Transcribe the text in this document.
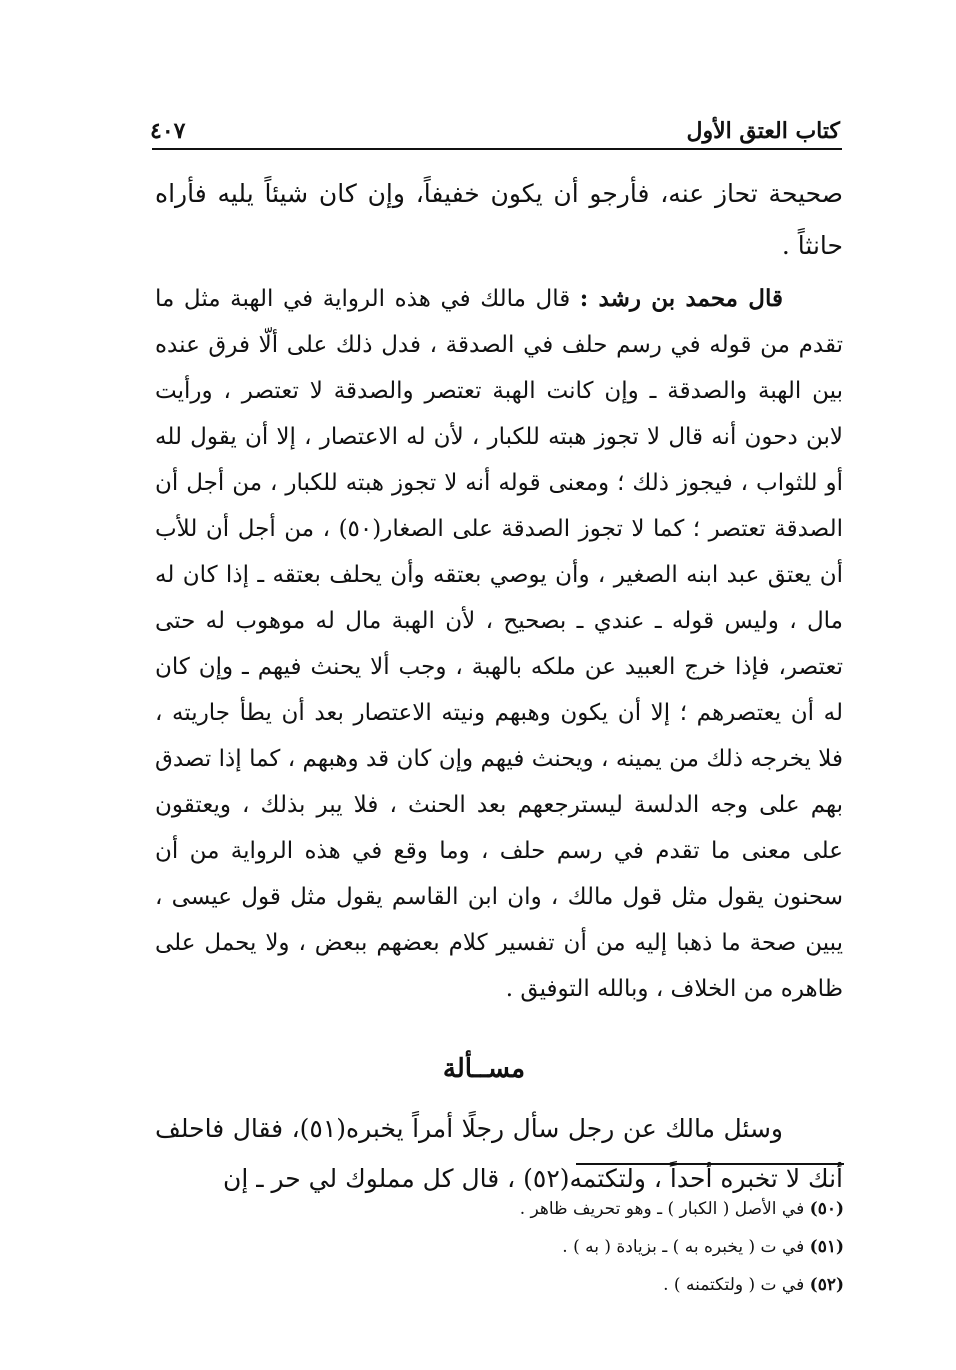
٤٠٧	كتاب العتق الأول

صحيحة تحاز عنه، فأرجو أن يكون خفيفاً، وإن كان شيئاً يليه فأراه حانثاً .

قال محمد بن رشد : قال مالك في هذه الرواية في الهبة مثل ما تقدم من قوله في رسم حلف في الصدقة ، فدل ذلك على ألّا فرق عنده بين الهبة والصدقة ـ وإن كانت الهبة تعتصر والصدقة لا تعتصر ، ورأيت لابن دحون أنه قال لا تجوز هبته للكبار ، لأن له الاعتصار ، إلا أن يقول لله أو للثواب ، فيجوز ذلك ؛ ومعنى قوله أنه لا تجوز هبته للكبار ، من أجل أن الصدقة تعتصر ؛ كما لا تجوز الصدقة على الصغار(٥٠) ، من أجل أن للأب أن يعتق عبد ابنه الصغير ، وأن يوصي بعتقه وأن يحلف بعتقه ـ إذا كان له مال ، وليس قوله ـ عندي ـ بصحيح ، لأن الهبة مال له موهوب له حتى تعتصر، فإذا خرج العبيد عن ملكه بالهبة ، وجب ألا يحنث فيهم ـ وإن كان له أن يعتصرهم ؛ إلا أن يكون وهبهم ونيته الاعتصار بعد أن يطأ جاريته ، فلا يخرجه ذلك من يمينه ، ويحنث فيهم وإن كان قد وهبهم ، كما إذا تصدق بهم على وجه الدلسة ليسترجعهم بعد الحنث ، فلا يبر بذلك ، ويعتقون على معنى ما تقدم في رسم حلف ، وما وقع في هذه الرواية من أن سحنون يقول مثل قول مالك ، وان ابن القاسم يقول مثل قول عيسى ، يبين صحة ما ذهبا إليه من أن تفسير كلام بعضهم ببعض ، ولا يحمل على ظاهره من الخلاف ، وبالله التوفيق .

مســألة

وسئل مالك عن رجل سأل رجلًا أمراً يخبره(٥١)، فقال فاحلف أنك لا تخبره أحداً ، ولتكتمه(٥٢) ، قال كل مملوك لي حر ـ إن

(٥٠) في الأصل ( الكبار ) ـ وهو تحريف ظاهر .
(٥١) في ت ( يخبره به ) ـ بزيادة ( به ) .
(٥٢) في ت ( ولتكتمنه ) .
